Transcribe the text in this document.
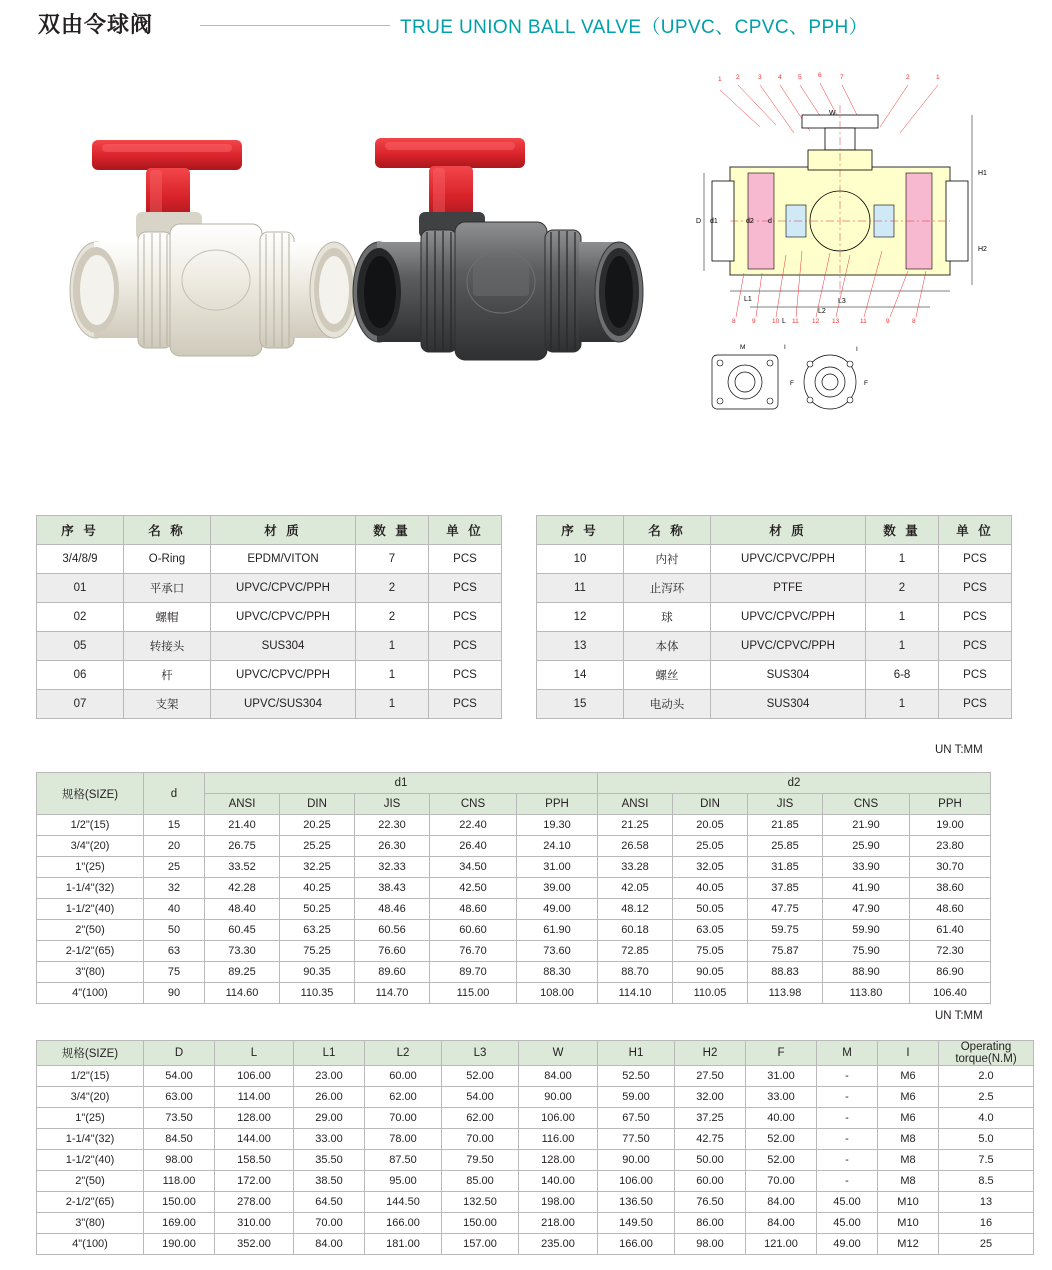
双由令球阀	TRUE UNION BALL VALVE（UPVC、CPVC、PPH）
1 2	3	4	5	6	7	2	1
W
H1
H2
D d1	d2 d
L1	L3
L2
L
8	9	10 11 12 13	11	9	8
M	I
F
I
F
序 号	名 称	材 质	数 量	单 位
3/4/8/9	O-Ring	EPDM/VITON	7	PCS
01	平承口	UPVC/CPVC/PPH	2	PCS
02	螺帽	UPVC/CPVC/PPH	2	PCS
05	转接头	SUS304	1	PCS
06	杆	UPVC/CPVC/PPH	1	PCS
07	支架	UPVC/SUS304	1	PCS
序 号	名 称	材 质	数 量	单 位
10	内衬	UPVC/CPVC/PPH	1	PCS
11	止泻环	PTFE	2	PCS
12	球	UPVC/CPVC/PPH	1	PCS
13	本体	UPVC/CPVC/PPH	1	PCS
14	螺丝	SUS304	6-8	PCS
15	电动头	SUS304	1	PCS
UN T:MM
规格(SIZE)	d	d1					d2				
		ANSI	DIN	JIS	CNS	PPH	ANSI	DIN	JIS	CNS	PPH
1/2"(15)	15	21.40	20.25	22.30	22.40	19.30	21.25	20.05	21.85	21.90	19.00
3/4"(20)	20	26.75	25.25	26.30	26.40	24.10	26.58	25.05	25.85	25.90	23.80
1"(25)	25	33.52	32.25	32.33	34.50	31.00	33.28	32.05	31.85	33.90	30.70
1-1/4"(32)	32	42.28	40.25	38.43	42.50	39.00	42.05	40.05	37.85	41.90	38.60
1-1/2"(40)	40	48.40	50.25	48.46	48.60	49.00	48.12	50.05	47.75	47.90	48.60
2"(50)	50	60.45	63.25	60.56	60.60	61.90	60.18	63.05	59.75	59.90	61.40
2-1/2"(65)	63	73.30	75.25	76.60	76.70	73.60	72.85	75.05	75.87	75.90	72.30
3"(80)	75	89.25	90.35	89.60	89.70	88.30	88.70	90.05	88.83	88.90	86.90
4"(100)	90	114.60	110.35	114.70	115.00	108.00	114.10	110.05	113.98	113.80	106.40
UN T:MM
规格(SIZE)	D	L	L1	L2	L3	W	H1	H2	F	M	I	Operating torque(N.M)
1/2"(15)	54.00	106.00	23.00	60.00	52.00	84.00	52.50	27.50	31.00	-	M6	2.0
3/4"(20)	63.00	114.00	26.00	62.00	54.00	90.00	59.00	32.00	33.00	-	M6	2.5
1"(25)	73.50	128.00	29.00	70.00	62.00	106.00	67.50	37.25	40.00	-	M6	4.0
1-1/4"(32)	84.50	144.00	33.00	78.00	70.00	116.00	77.50	42.75	52.00	-	M8	5.0
1-1/2"(40)	98.00	158.50	35.50	87.50	79.50	128.00	90.00	50.00	52.00	-	M8	7.5
2"(50)	118.00	172.00	38.50	95.00	85.00	140.00	106.00	60.00	70.00	-	M8	8.5
2-1/2"(65)	150.00	278.00	64.50	144.50	132.50	198.00	136.50	76.50	84.00	45.00	M10	13
3"(80)	169.00	310.00	70.00	166.00	150.00	218.00	149.50	86.00	84.00	45.00	M10	16
4"(100)	190.00	352.00	84.00	181.00	157.00	235.00	166.00	98.00	121.00	49.00	M12	25
